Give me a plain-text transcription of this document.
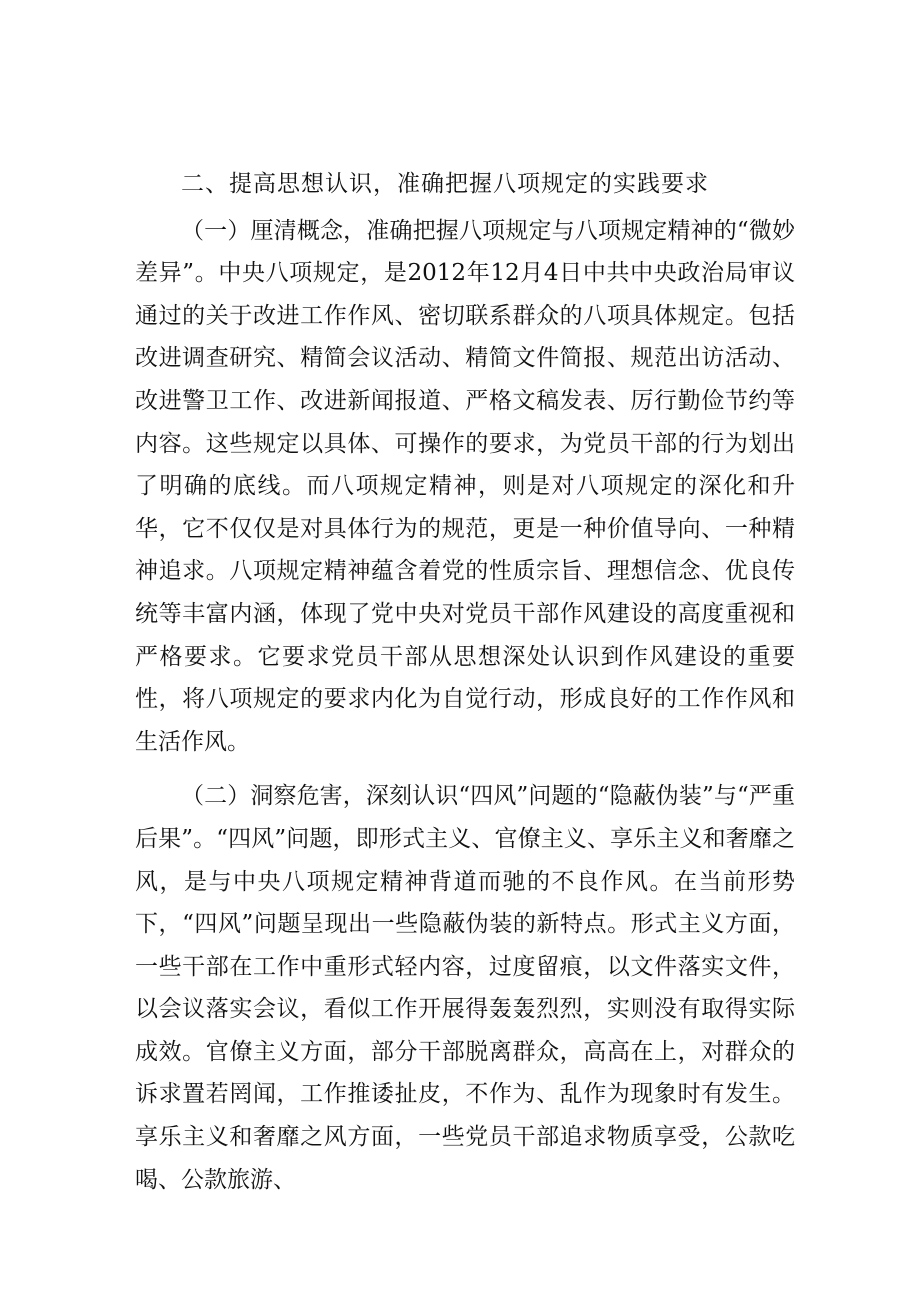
二、提高思想认识，准确把握八项规定的实践要求

（一）厘清概念，准确把握八项规定与八项规定精神的“微妙差异”。中央八项规定，是2012年12月4日中共中央政治局审议通过的关于改进工作作风、密切联系群众的八项具体规定。包括改进调查研究、精简会议活动、精简文件简报、规范出访活动、改进警卫工作、改进新闻报道、严格文稿发表、厉行勤俭节约等内容。这些规定以具体、可操作的要求，为党员干部的行为划出了明确的底线。而八项规定精神，则是对八项规定的深化和升华，它不仅仅是对具体行为的规范，更是一种价值导向、一种精神追求。八项规定精神蕴含着党的性质宗旨、理想信念、优良传统等丰富内涵，体现了党中央对党员干部作风建设的高度重视和严格要求。它要求党员干部从思想深处认识到作风建设的重要性，将八项规定的要求内化为自觉行动，形成良好的工作作风和生活作风。

（二）洞察危害，深刻认识“四风”问题的“隐蔽伪装”与“严重后果”。“四风”问题，即形式主义、官僚主义、享乐主义和奢靡之风，是与中央八项规定精神背道而驰的不良作风。在当前形势下，“四风”问题呈现出一些隐蔽伪装的新特点。形式主义方面，一些干部在工作中重形式轻内容，过度留痕，以文件落实文件，以会议落实会议，看似工作开展得轰轰烈烈，实则没有取得实际成效。官僚主义方面，部分干部脱离群众，高高在上，对群众的诉求置若罔闻，工作推诿扯皮，不作为、乱作为现象时有发生。享乐主义和奢靡之风方面，一些党员干部追求物质享受，公款吃喝、公款旅游、
